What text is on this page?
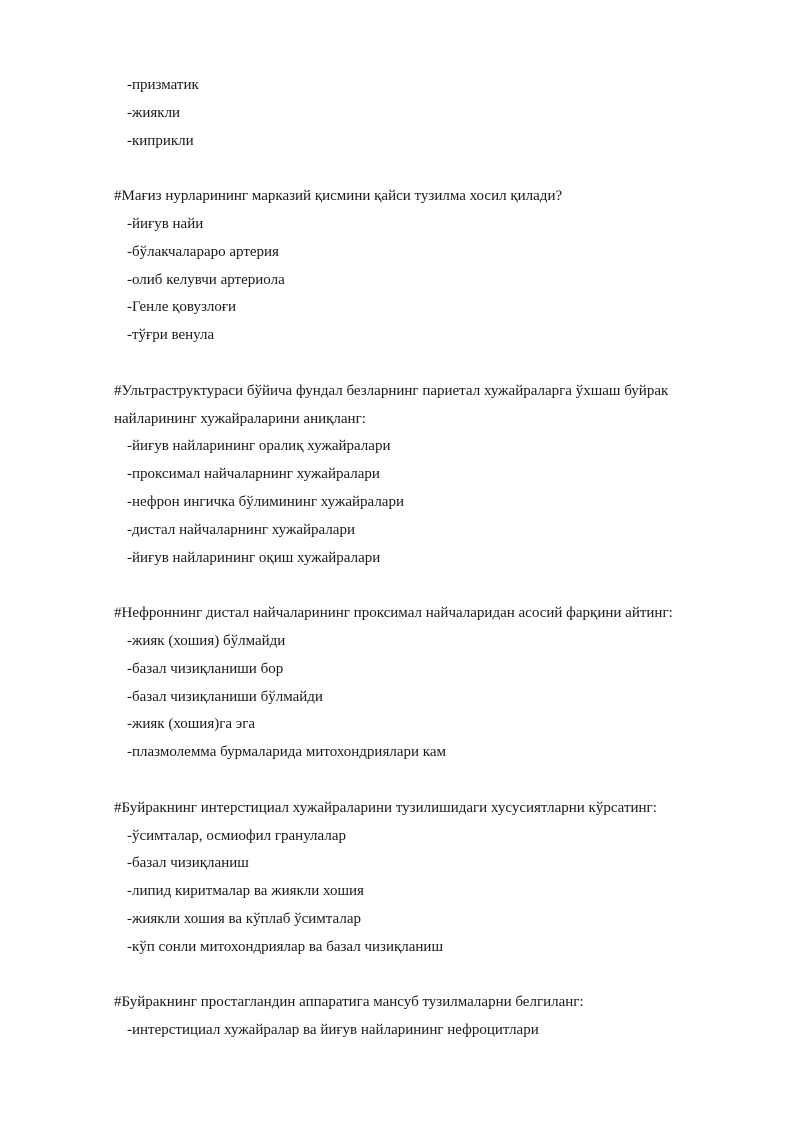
-призматик
-жиякли
-киприкли
#Мағиз нурларининг марказий қисмини қайси тузилма хосил қилади?
-йиғув найи
-бўлакчалараро артерия
-олиб келувчи артериола
-Генле қовузлоғи
-тўғри венула
#Ультраструктураси бўйича фундал безларнинг париетал хужайраларга ўхшаш буйрак найларининг хужайраларини аниқланг:
-йиғув найларининг оралиқ хужайралари
-проксимал найчаларнинг хужайралари
-нефрон ингичка бўлимининг хужайралари
-дистал найчаларнинг хужайралари
-йиғув найларининг оқиш хужайралари
#Нефроннинг дистал найчаларининг проксимал найчаларидан асосий фарқини айтинг:
-жияк (хошия) бўлмайди
-базал чизиқланиши бор
-базал чизиқланиши бўлмайди
-жияк (хошия)га эга
-плазмолемма бурмаларида митохондриялари кам
#Буйракнинг интерстициал хужайраларини тузилишидаги хусусиятларни кўрсатинг:
-ўсимталар, осмиофил гранулалар
-базал чизиқланиш
-липид киритмалар ва жиякли хошия
-жиякли хошия ва кўплаб ўсимталар
-кўп сонли митохондриялар ва базал чизиқланиш
#Буйракнинг простагландин аппаратига мансуб тузилмаларни белгиланг:
-интерстициал хужайралар ва йиғув найларининг нефроцитлари
